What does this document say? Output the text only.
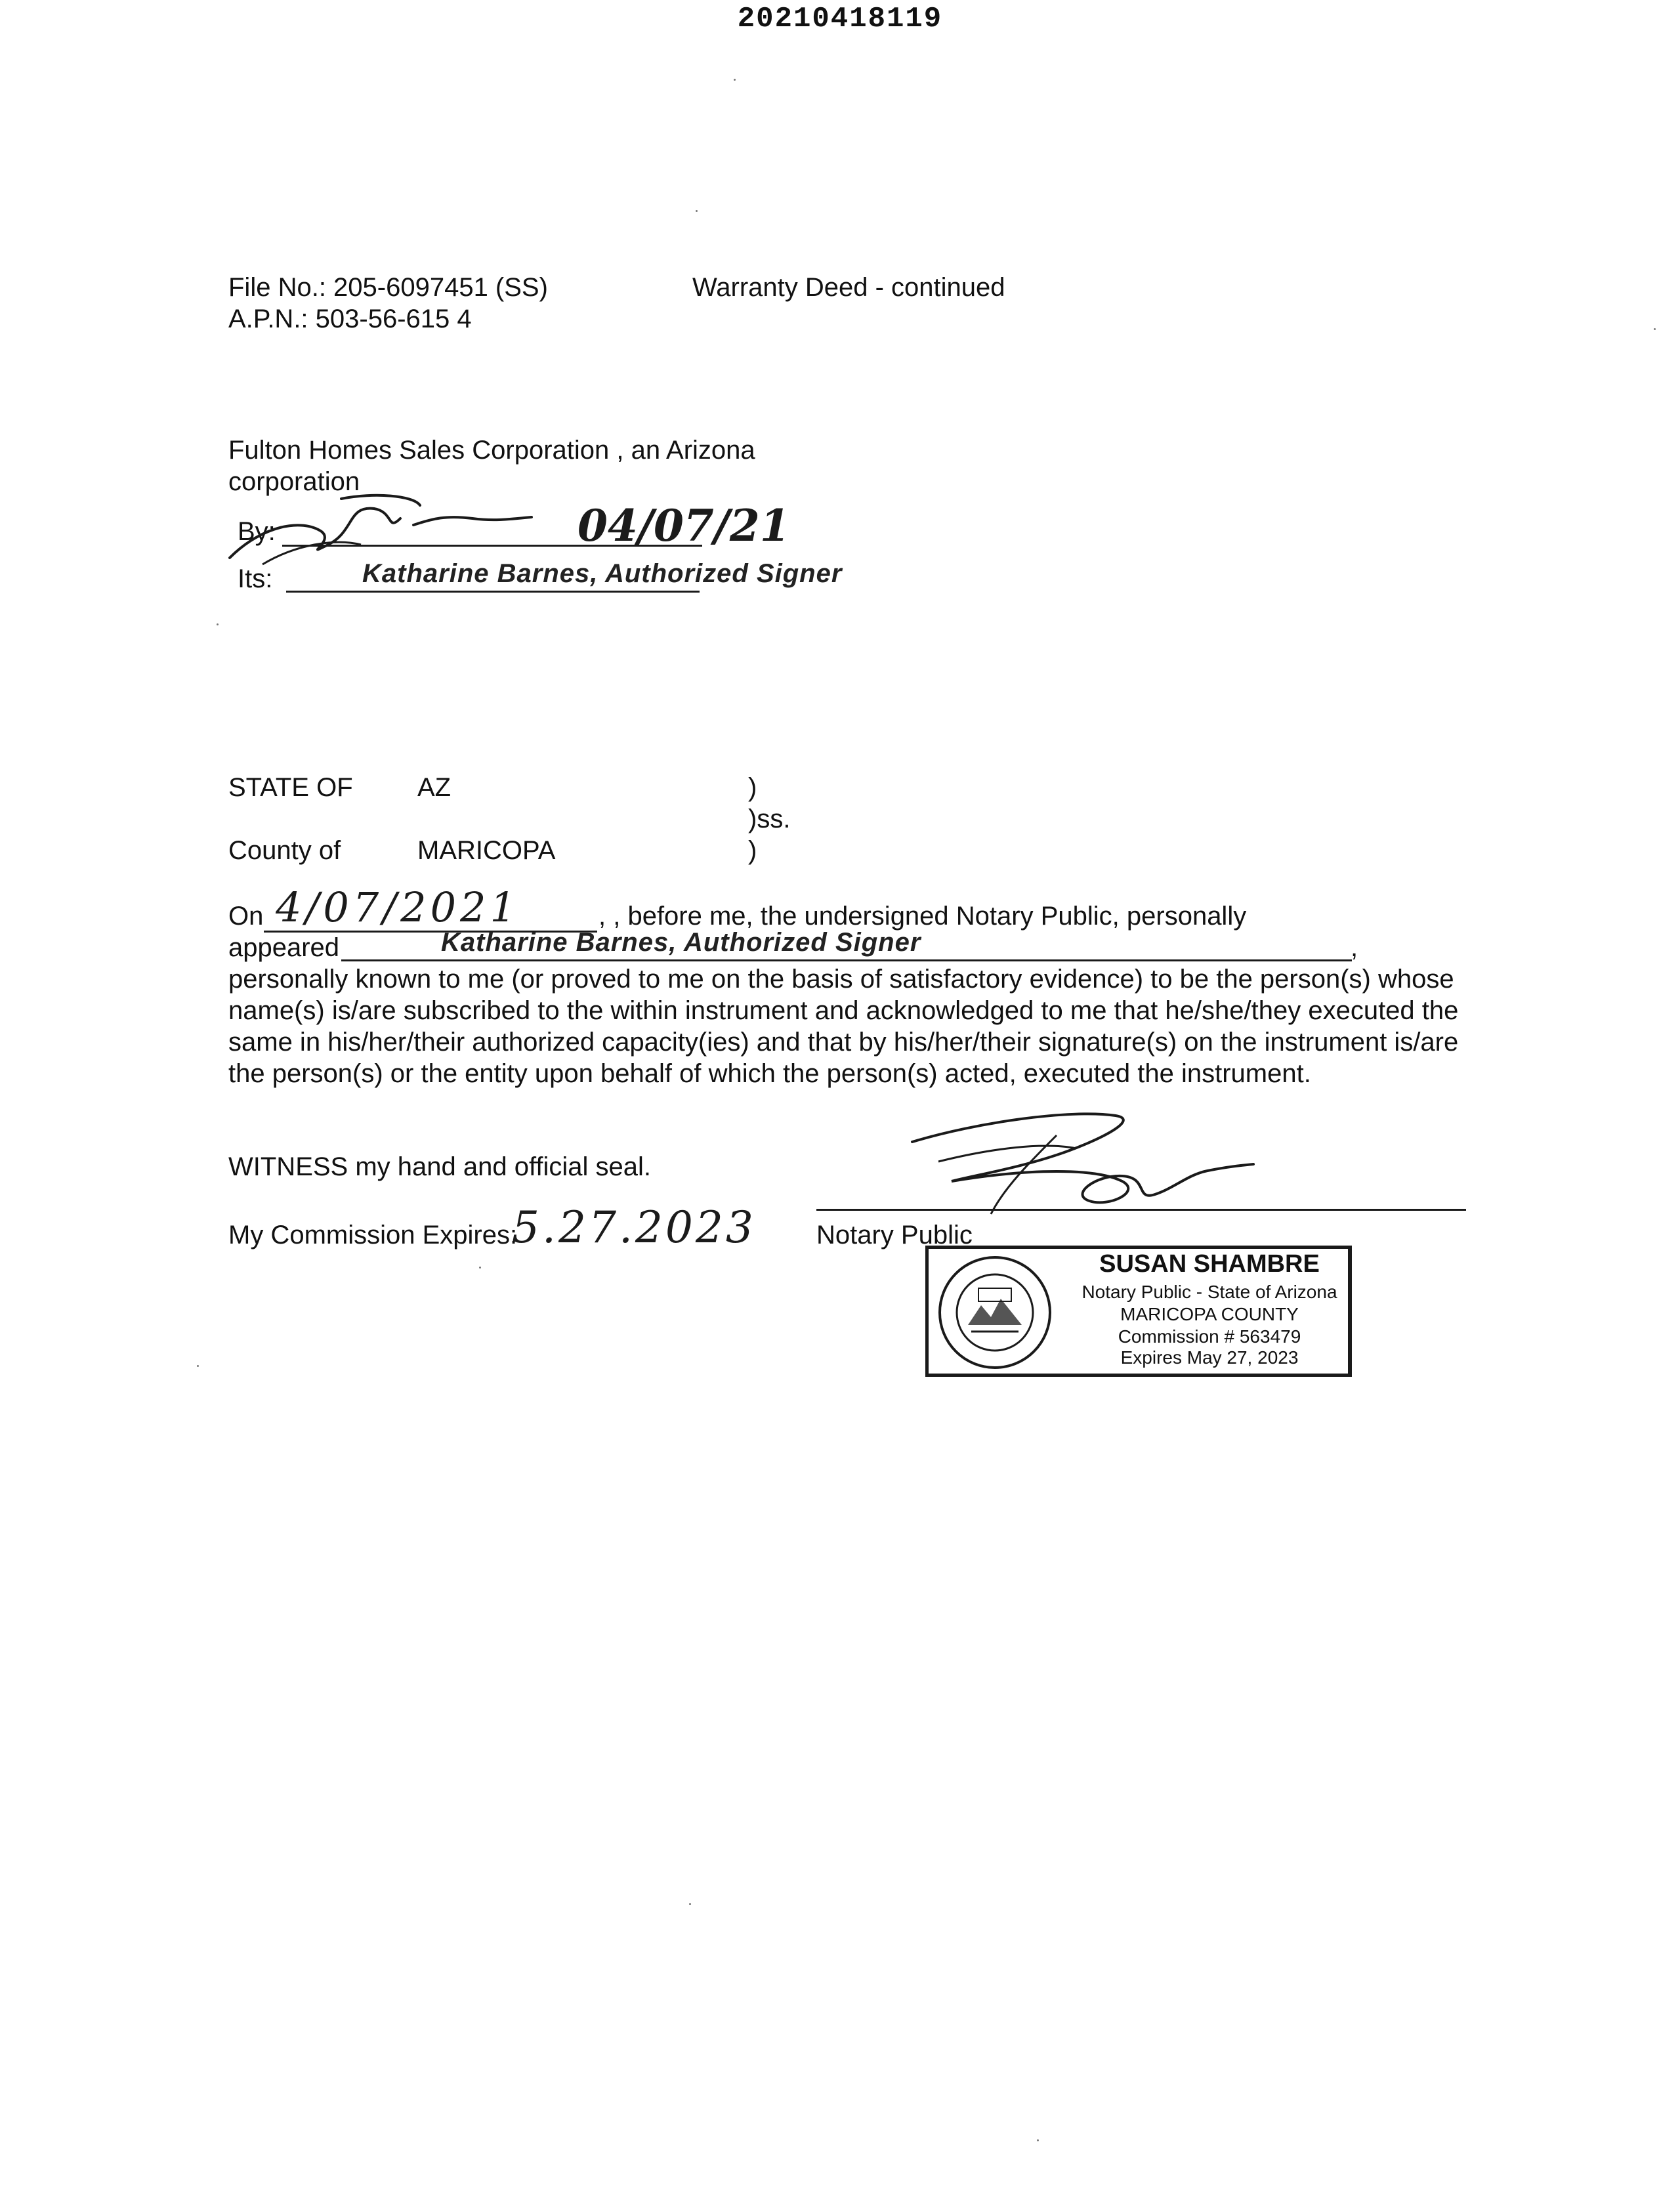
20210418119
File No.: 205-6097451 (SS)
A.P.N.: 503-56-615 4
Warranty Deed - continued
Fulton Homes Sales Corporation , an Arizona
corporation
By:	04/07/21
Its:	Katharine Barnes, Authorized Signer
STATE OF AZ	)
)ss.
County of	MARICOPA	)
On 4/07/2021	, , before me, the undersigned Notary Public, personally
appeared	Katharine Barnes, Authorized Signer	,
personally known to me (or proved to me on the basis of satisfactory evidence) to be the person(s) whose name(s) is/are subscribed to the within instrument and acknowledged to me that he/she/they executed the same in his/her/their authorized capacity(ies) and that by his/her/their signature(s) on the instrument is/are the person(s) or the entity upon behalf of which the person(s) acted, executed the instrument.
WITNESS my hand and official seal.
My Commission Expires:
5.27.2023 Notary Public
SUSAN SHAMBRE
Notary Public - State of Arizona
MARICOPA COUNTY
Commission # 563479
Expires May 27, 2023
